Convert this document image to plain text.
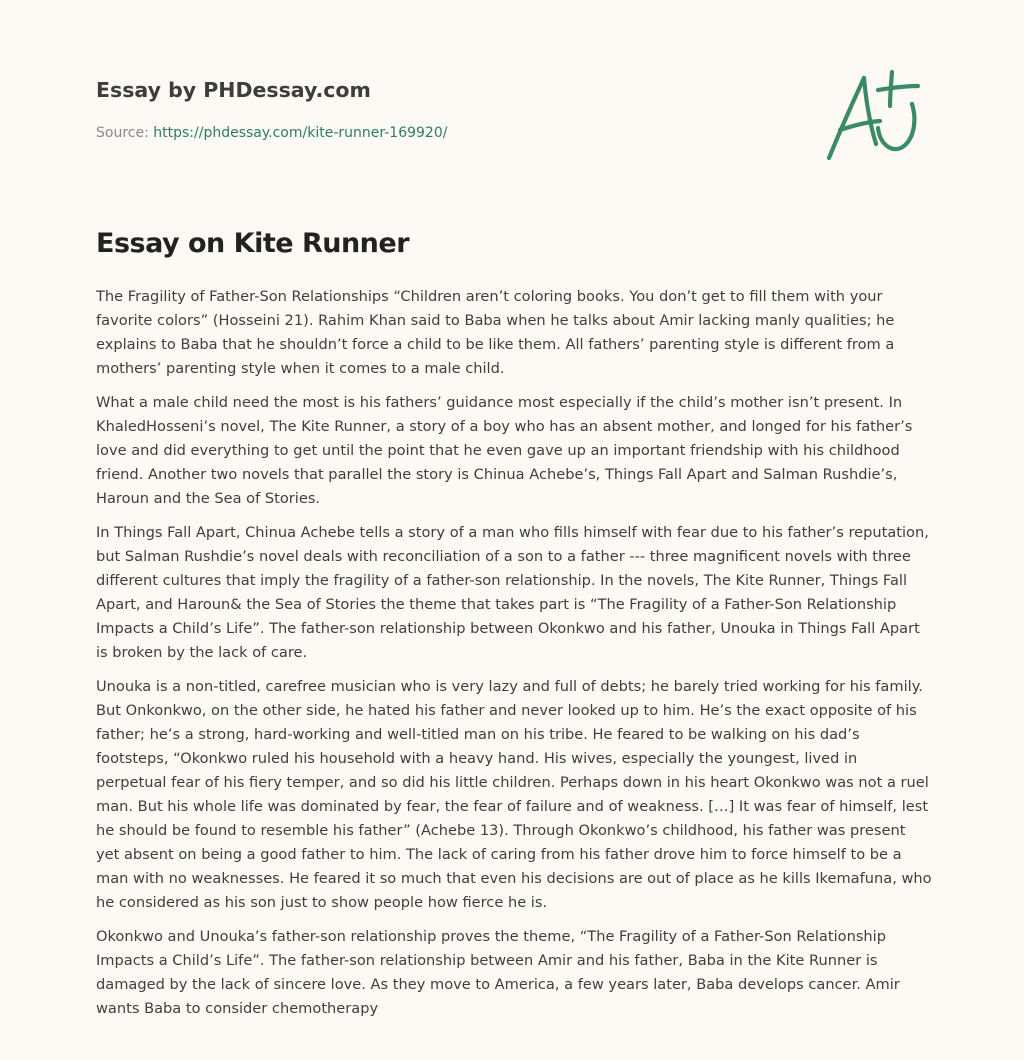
Essay by PHDessay.com

Source: https://phdessay.com/kite-runner-169920/

Essay on Kite Runner

The Fragility of Father-Son Relationships “Children aren’t coloring books. You don’t get to fill them with your favorite colors” (Hosseini 21). Rahim Khan said to Baba when he talks about Amir lacking manly qualities; he explains to Baba that he shouldn’t force a child to be like them. All fathers’ parenting style is different from a mothers’ parenting style when it comes to a male child.

What a male child need the most is his fathers’ guidance most especially if the child’s mother isn’t present. In KhaledHosseni’s novel, The Kite Runner, a story of a boy who has an absent mother, and longed for his father’s love and did everything to get until the point that he even gave up an important friendship with his childhood friend. Another two novels that parallel the story is Chinua Achebe’s, Things Fall Apart and Salman Rushdie’s, Haroun and the Sea of Stories.

In Things Fall Apart, Chinua Achebe tells a story of a man who fills himself with fear due to his father’s reputation, but Salman Rushdie’s novel deals with reconciliation of a son to a father --- three magnificent novels with three different cultures that imply the fragility of a father-son relationship. In the novels, The Kite Runner, Things Fall Apart, and Haroun& the Sea of Stories the theme that takes part is “The Fragility of a Father-Son Relationship Impacts a Child’s Life”. The father-son relationship between Okonkwo and his father, Unouka in Things Fall Apart is broken by the lack of care.

Unouka is a non-titled, carefree musician who is very lazy and full of debts; he barely tried working for his family. But Onkonkwo, on the other side, he hated his father and never looked up to him. He’s the exact opposite of his father; he’s a strong, hard-working and well-titled man on his tribe. He feared to be walking on his dad’s footsteps, “Okonkwo ruled his household with a heavy hand. His wives, especially the youngest, lived in perpetual fear of his fiery temper, and so did his little children. Perhaps down in his heart Okonkwo was not a ruel man. But his whole life was dominated by fear, the fear of failure and of weakness. […] It was fear of himself, lest he should be found to resemble his father” (Achebe 13). Through Okonkwo’s childhood, his father was present yet absent on being a good father to him. The lack of caring from his father drove him to force himself to be a man with no weaknesses. He feared it so much that even his decisions are out of place as he kills Ikemafuna, who he considered as his son just to show people how fierce he is.

Okonkwo and Unouka’s father-son relationship proves the theme, “The Fragility of a Father-Son Relationship Impacts a Child’s Life”. The father-son relationship between Amir and his father, Baba in the Kite Runner is damaged by the lack of sincere love. As they move to America, a few years later, Baba develops cancer. Amir wants Baba to consider chemotherapy
